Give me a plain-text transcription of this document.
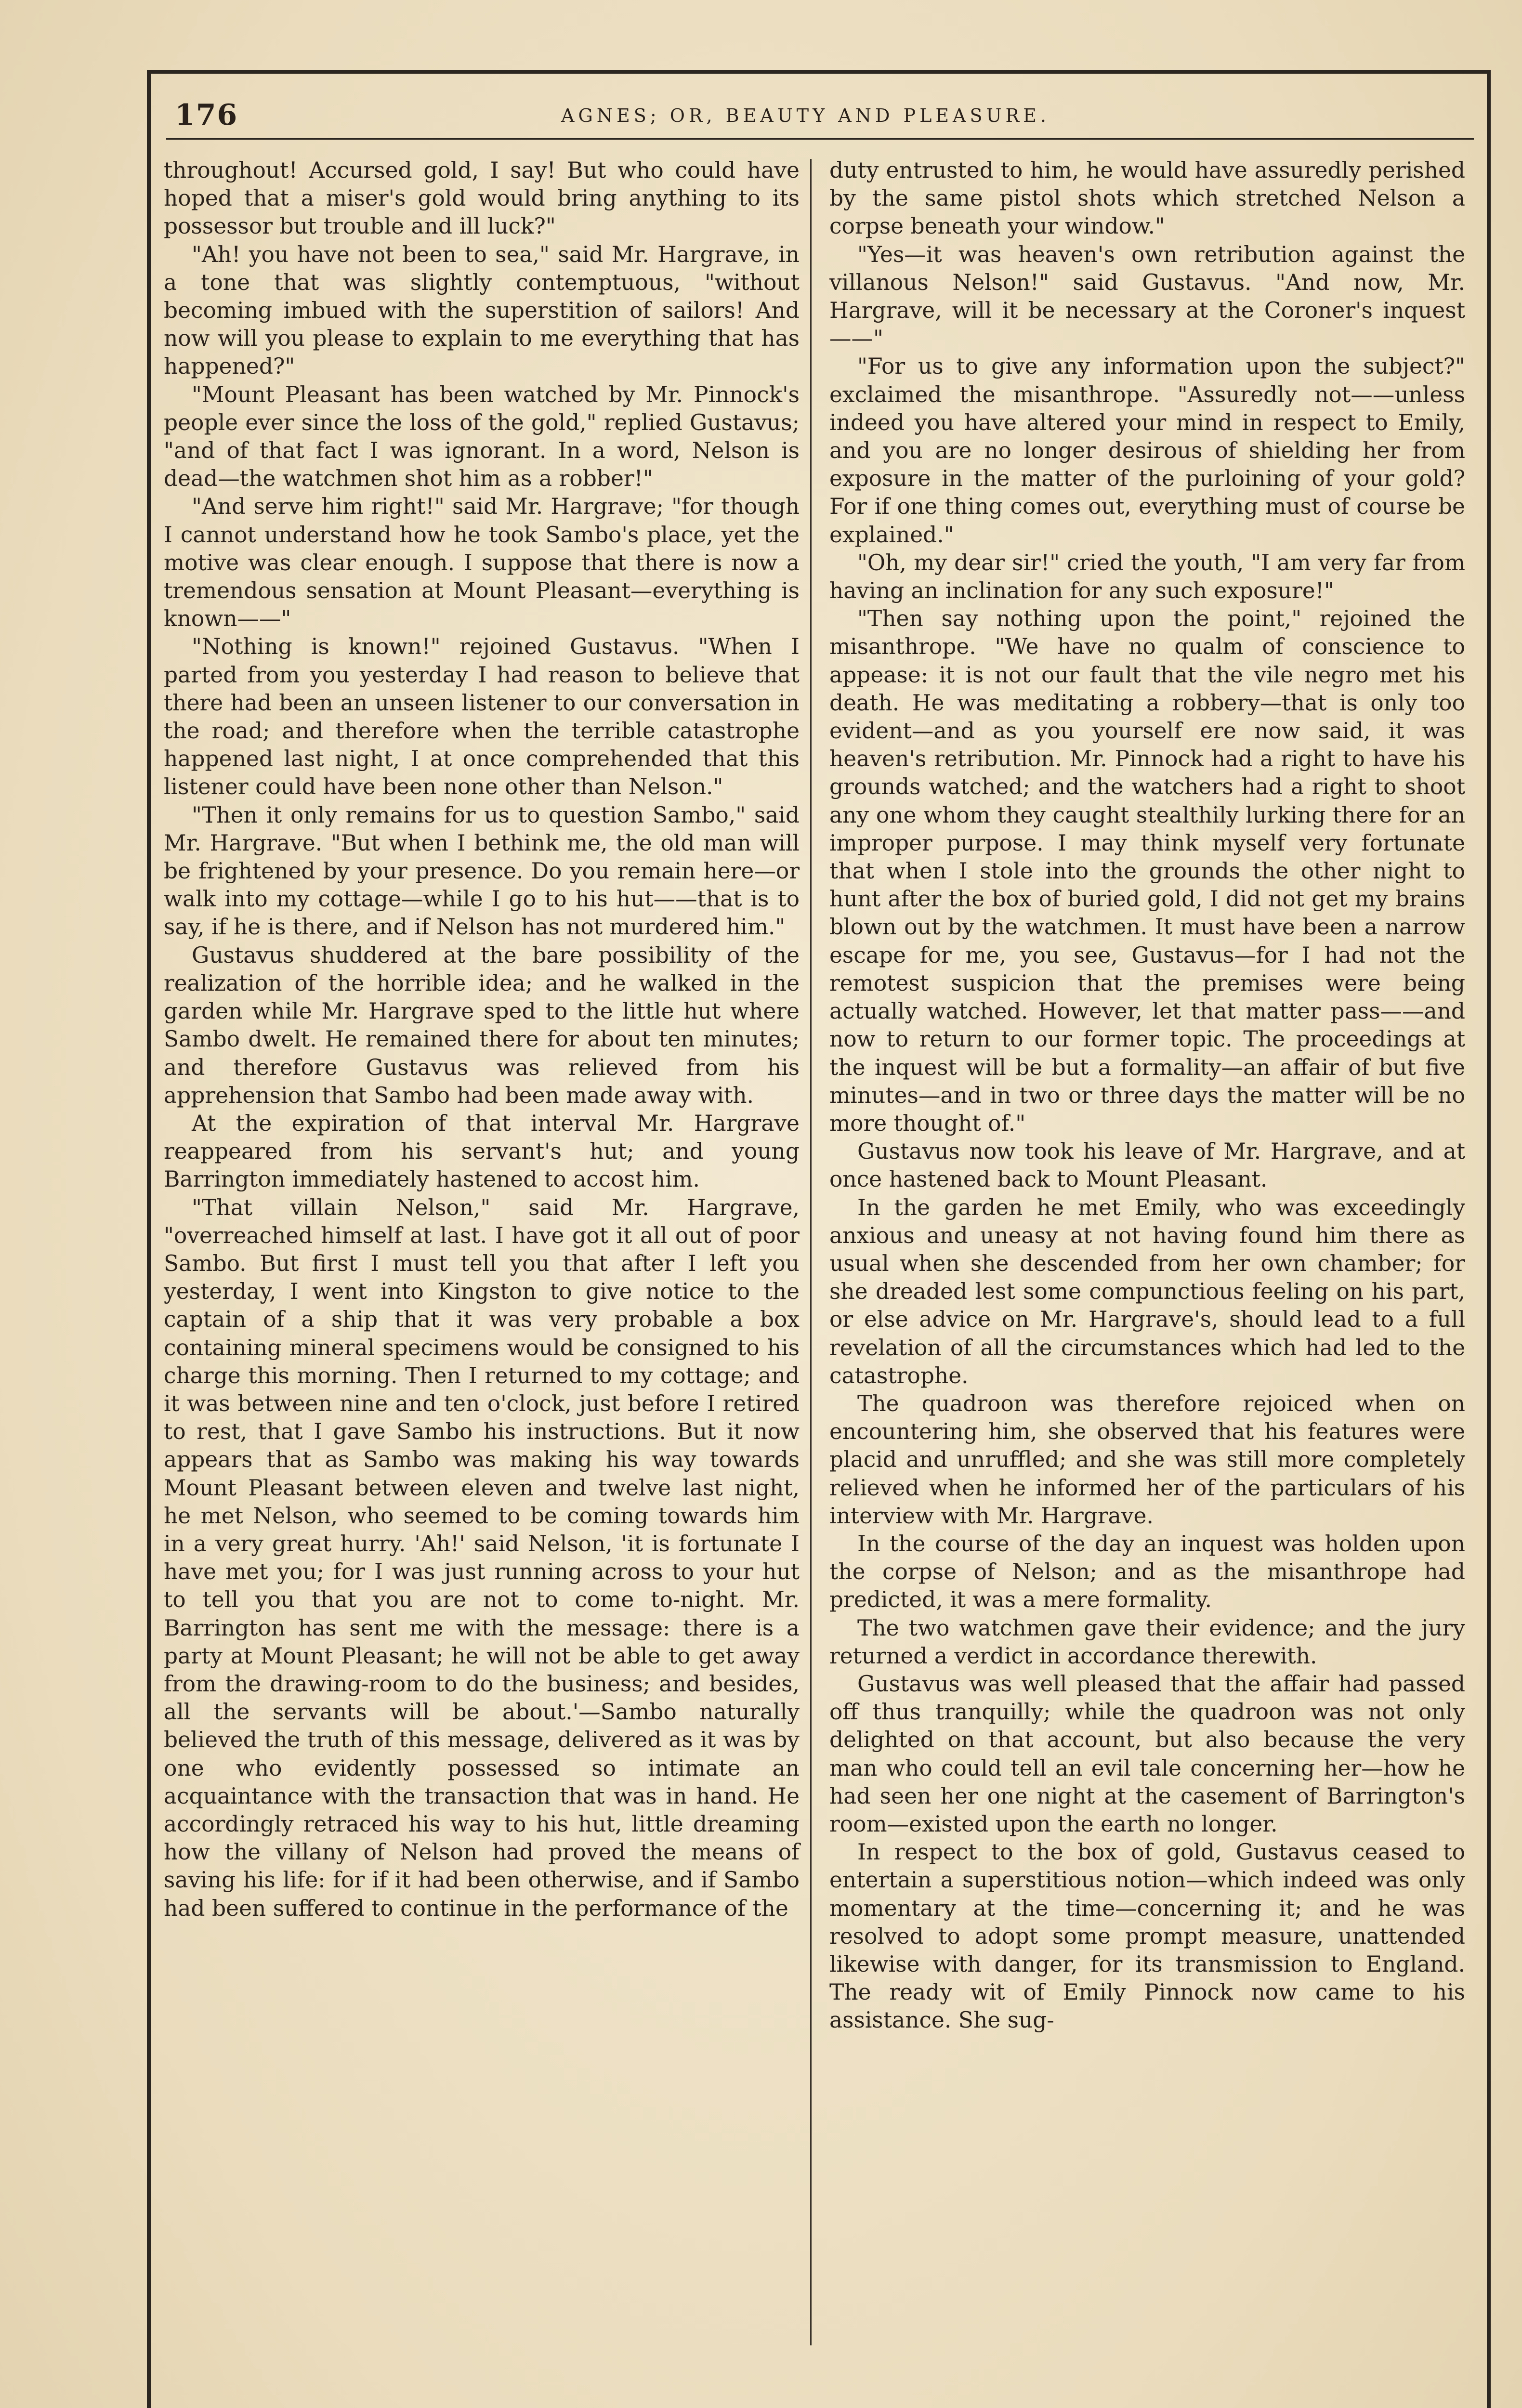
176	AGNES; OR, BEAUTY AND PLEASURE.

throughout! Accursed gold, I say! But who could have hoped that a miser's gold would bring anything to its possessor but trouble and ill luck?"

"Ah! you have not been to sea," said Mr. Hargrave, in a tone that was slightly contemptuous, "without becoming imbued with the superstition of sailors! And now will you please to explain to me everything that has happened?"

"Mount Pleasant has been watched by Mr. Pinnock's people ever since the loss of the gold," replied Gustavus; "and of that fact I was ignorant. In a word, Nelson is dead—the watchmen shot him as a robber!"

"And serve him right!" said Mr. Hargrave; "for though I cannot understand how he took Sambo's place, yet the motive was clear enough. I suppose that there is now a tremendous sensation at Mount Pleasant—everything is known——"

"Nothing is known!" rejoined Gustavus. "When I parted from you yesterday I had reason to believe that there had been an unseen listener to our conversation in the road; and therefore when the terrible catastrophe happened last night, I at once comprehended that this listener could have been none other than Nelson."

"Then it only remains for us to question Sambo," said Mr. Hargrave. "But when I bethink me, the old man will be frightened by your presence. Do you remain here—or walk into my cottage—while I go to his hut——that is to say, if he is there, and if Nelson has not murdered him."

Gustavus shuddered at the bare possibility of the realization of the horrible idea; and he walked in the garden while Mr. Hargrave sped to the little hut where Sambo dwelt. He remained there for about ten minutes; and therefore Gustavus was relieved from his apprehension that Sambo had been made away with.

At the expiration of that interval Mr. Hargrave reappeared from his servant's hut; and young Barrington immediately hastened to accost him.

"That villain Nelson," said Mr. Hargrave, "overreached himself at last. I have got it all out of poor Sambo. But first I must tell you that after I left you yesterday, I went into Kingston to give notice to the captain of a ship that it was very probable a box containing mineral specimens would be consigned to his charge this morning. Then I returned to my cottage; and it was between nine and ten o'clock, just before I retired to rest, that I gave Sambo his instructions. But it now appears that as Sambo was making his way towards Mount Pleasant between eleven and twelve last night, he met Nelson, who seemed to be coming towards him in a very great hurry. 'Ah!' said Nelson, 'it is fortunate I have met you; for I was just running across to your hut to tell you that you are not to come to-night. Mr. Barrington has sent me with the message: there is a party at Mount Pleasant; he will not be able to get away from the drawing-room to do the business; and besides, all the servants will be about.'—Sambo naturally believed the truth of this message, delivered as it was by one who evidently possessed so intimate an acquaintance with the transaction that was in hand. He accordingly retraced his way to his hut, little dreaming how the villany of Nelson had proved the means of saving his life: for if it had been otherwise, and if Sambo had been suffered to continue in the performance of the

duty entrusted to him, he would have assuredly perished by the same pistol shots which stretched Nelson a corpse beneath your window."

"Yes—it was heaven's own retribution against the villanous Nelson!" said Gustavus. "And now, Mr. Hargrave, will it be necessary at the Coroner's inquest——"

"For us to give any information upon the subject?" exclaimed the misanthrope. "Assuredly not——unless indeed you have altered your mind in respect to Emily, and you are no longer desirous of shielding her from exposure in the matter of the purloining of your gold? For if one thing comes out, everything must of course be explained."

"Oh, my dear sir!" cried the youth, "I am very far from having an inclination for any such exposure!"

"Then say nothing upon the point," rejoined the misanthrope. "We have no qualm of conscience to appease: it is not our fault that the vile negro met his death. He was meditating a robbery—that is only too evident—and as you yourself ere now said, it was heaven's retribution. Mr. Pinnock had a right to have his grounds watched; and the watchers had a right to shoot any one whom they caught stealthily lurking there for an improper purpose. I may think myself very fortunate that when I stole into the grounds the other night to hunt after the box of buried gold, I did not get my brains blown out by the watchmen. It must have been a narrow escape for me, you see, Gustavus—for I had not the remotest suspicion that the premises were being actually watched. However, let that matter pass——and now to return to our former topic. The proceedings at the inquest will be but a formality—an affair of but five minutes—and in two or three days the matter will be no more thought of."

Gustavus now took his leave of Mr. Hargrave, and at once hastened back to Mount Pleasant.

In the garden he met Emily, who was exceedingly anxious and uneasy at not having found him there as usual when she descended from her own chamber; for she dreaded lest some compunctious feeling on his part, or else advice on Mr. Hargrave's, should lead to a full revelation of all the circumstances which had led to the catastrophe.

The quadroon was therefore rejoiced when on encountering him, she observed that his features were placid and unruffled; and she was still more completely relieved when he informed her of the particulars of his interview with Mr. Hargrave.

In the course of the day an inquest was holden upon the corpse of Nelson; and as the misanthrope had predicted, it was a mere formality.

The two watchmen gave their evidence; and the jury returned a verdict in accordance therewith.

Gustavus was well pleased that the affair had passed off thus tranquilly; while the quadroon was not only delighted on that account, but also because the very man who could tell an evil tale concerning her—how he had seen her one night at the casement of Barrington's room—existed upon the earth no longer.

In respect to the box of gold, Gustavus ceased to entertain a superstitious notion—which indeed was only momentary at the time—concerning it; and he was resolved to adopt some prompt measure, unattended likewise with danger, for its transmission to England. The ready wit of Emily Pinnock now came to his assistance. She sug-
